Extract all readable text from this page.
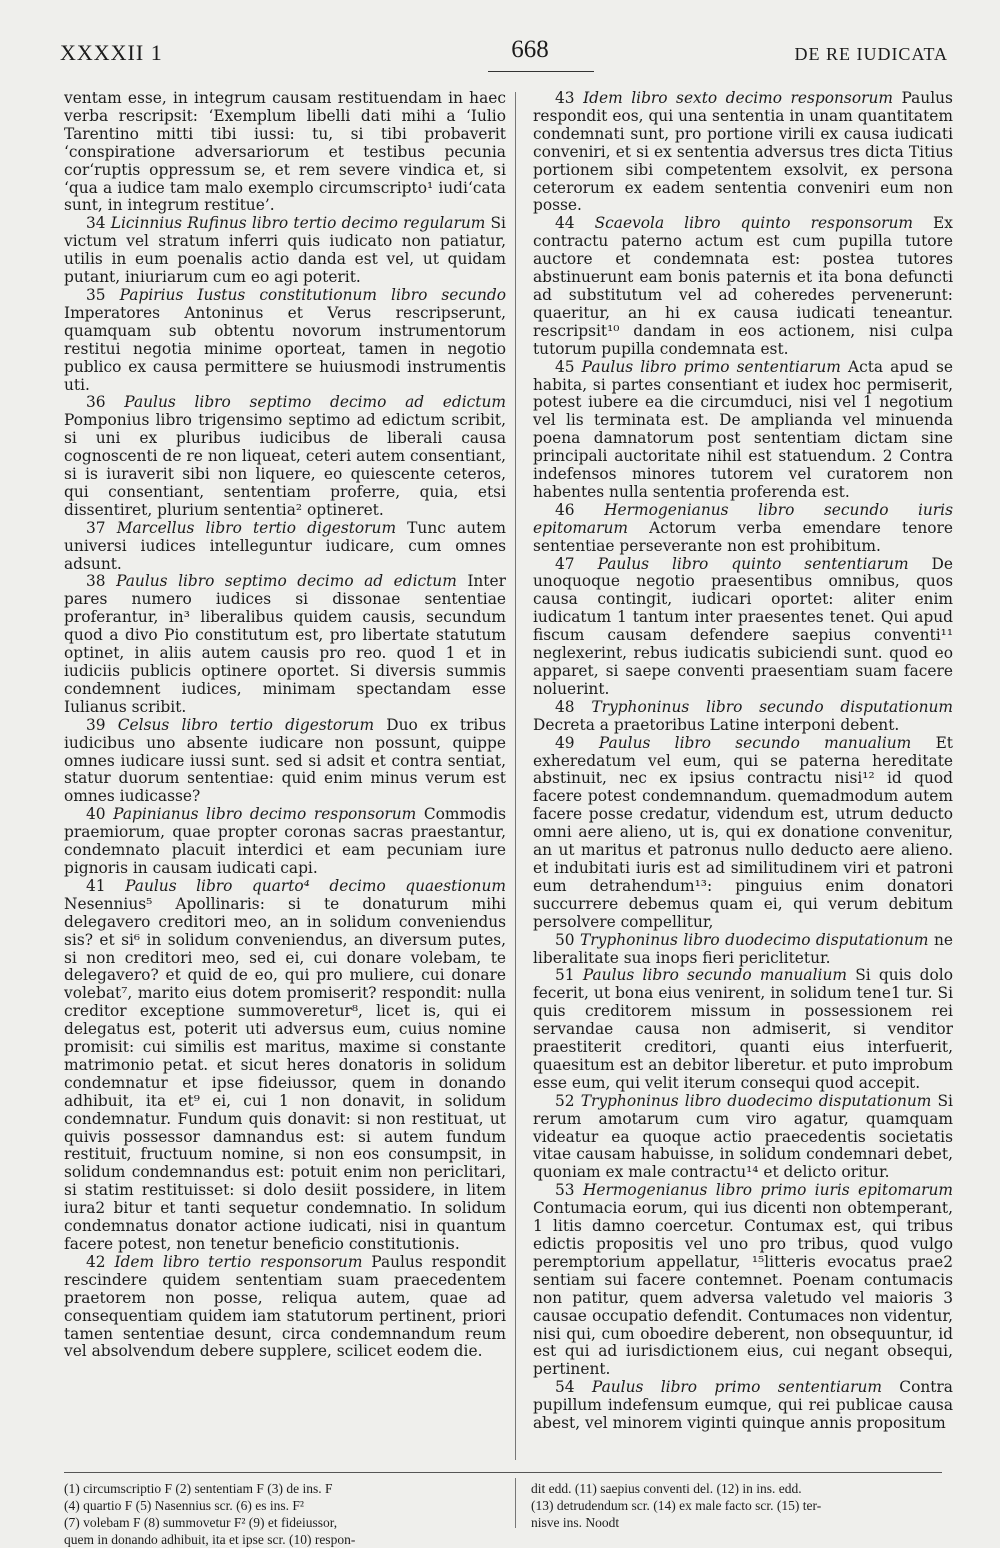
XXXXII 1	668	DE RE IUDICATA

ventam esse, in integrum causam restituendam in haec verba rescripsit: ‘Exemplum libelli dati mihi a ‘Iulio Tarentino mitti tibi iussi: tu, si tibi probaverit ‘conspiratione adversariorum et testibus pecunia cor‘ruptis oppressum se, et rem severe vindica et, si ‘qua a iudice tam malo exemplo circumscripto¹ iudi‘cata sunt, in integrum restitue’.

34 Licinnius Rufinus libro tertio decimo regularum Si victum vel stratum inferri quis iudicato non patiatur, utilis in eum poenalis actio danda est vel, ut quidam putant, iniuriarum cum eo agi poterit.

35 Papirius Iustus constitutionum libro secundo Imperatores Antoninus et Verus rescripserunt, quamquam sub obtentu novorum instrumentorum restitui negotia minime oporteat, tamen in negotio publico ex causa permittere se huiusmodi instrumentis uti.

36 Paulus libro septimo decimo ad edictum Pomponius libro trigensimo septimo ad edictum scribit, si uni ex pluribus iudicibus de liberali causa cognoscenti de re non liqueat, ceteri autem consentiant, si is iuraverit sibi non liquere, eo quiescente ceteros, qui consentiant, sententiam proferre, quia, etsi dissentiret, plurium sententia² optineret.

37 Marcellus libro tertio digestorum Tunc autem universi iudices intelleguntur iudicare, cum omnes adsunt.

38 Paulus libro septimo decimo ad edictum Inter pares numero iudices si dissonae sententiae proferantur, in³ liberalibus quidem causis, secundum quod a divo Pio constitutum est, pro libertate statutum optinet, in aliis autem causis pro reo. quod 1 et in iudiciis publicis optinere oportet. Si diversis summis condemnent iudices, minimam spectandam esse Iulianus scribit.

39 Celsus libro tertio digestorum Duo ex tribus iudicibus uno absente iudicare non possunt, quippe omnes iudicare iussi sunt. sed si adsit et contra sentiat, statur duorum sententiae: quid enim minus verum est omnes iudicasse?

40 Papinianus libro decimo responsorum Commodis praemiorum, quae propter coronas sacras praestantur, condemnato placuit interdici et eam pecuniam iure pignoris in causam iudicati capi.

41 Paulus libro quarto⁴ decimo quaestionum Nesennius⁵ Apollinaris: si te donaturum mihi delegavero creditori meo, an in solidum conveniendus sis? et si⁶ in solidum conveniendus, an diversum putes, si non creditori meo, sed ei, cui donare volebam, te delegavero? et quid de eo, qui pro muliere, cui donare volebat⁷, marito eius dotem promiserit? respondit: nulla creditor exceptione summoveretur⁸, licet is, qui ei delegatus est, poterit uti adversus eum, cuius nomine promisit: cui similis est maritus, maxime si constante matrimonio petat. et sicut heres donatoris in solidum condemnatur et ipse fideiussor, quem in donando adhibuit, ita et⁹ ei, cui 1 non donavit, in solidum condemnatur. Fundum quis donavit: si non restituat, ut quivis possessor damnandus est: si autem fundum restituit, fructuum nomine, si non eos consumpsit, in solidum condemnandus est: potuit enim non periclitari, si statim restituisset: si dolo desiit possidere, in litem iura2 bitur et tanti sequetur condemnatio. In solidum condemnatus donator actione iudicati, nisi in quantum facere potest, non tenetur beneficio constitutionis.

42 Idem libro tertio responsorum Paulus respondit rescindere quidem sententiam suam praecedentem praetorem non posse, reliqua autem, quae ad consequentiam quidem iam statutorum pertinent, priori tamen sententiae desunt, circa condemnandum reum vel absolvendum debere supplere, scilicet eodem die.

43 Idem libro sexto decimo responsorum Paulus respondit eos, qui una sententia in unam quantitatem condemnati sunt, pro portione virili ex causa iudicati conveniri, et si ex sententia adversus tres dicta Titius portionem sibi competentem exsolvit, ex persona ceterorum ex eadem sententia conveniri eum non posse.

44 Scaevola libro quinto responsorum Ex contractu paterno actum est cum pupilla tutore auctore et condemnata est: postea tutores abstinuerunt eam bonis paternis et ita bona defuncti ad substitutum vel ad coheredes pervenerunt: quaeritur, an hi ex causa iudicati teneantur. rescripsit¹⁰ dandam in eos actionem, nisi culpa tutorum pupilla condemnata est.

45 Paulus libro primo sententiarum Acta apud se habita, si partes consentiant et iudex hoc permiserit, potest iubere ea die circumduci, nisi vel 1 negotium vel lis terminata est. De amplianda vel minuenda poena damnatorum post sententiam dictam sine principali auctoritate nihil est statuendum. 2 Contra indefensos minores tutorem vel curatorem non habentes nulla sententia proferenda est.

46 Hermogenianus libro secundo iuris epitomarum Actorum verba emendare tenore sententiae perseverante non est prohibitum.

47 Paulus libro quinto sententiarum De unoquoque negotio praesentibus omnibus, quos causa contingit, iudicari oportet: aliter enim iudicatum 1 tantum inter praesentes tenet. Qui apud fiscum causam defendere saepius conventi¹¹ neglexerint, rebus iudicatis subiciendi sunt. quod eo apparet, si saepe conventi praesentiam suam facere noluerint.

48 Tryphoninus libro secundo disputationum Decreta a praetoribus Latine interponi debent.

49 Paulus libro secundo manualium Et exheredatum vel eum, qui se paterna hereditate abstinuit, nec ex ipsius contractu nisi¹² id quod facere potest condemnandum. quemadmodum autem facere posse credatur, videndum est, utrum deducto omni aere alieno, ut is, qui ex donatione convenitur, an ut maritus et patronus nullo deducto aere alieno. et indubitati iuris est ad similitudinem viri et patroni eum detrahendum¹³: pinguius enim donatori succurrere debemus quam ei, qui verum debitum persolvere compellitur,

50 Tryphoninus libro duodecimo disputationum ne liberalitate sua inops fieri periclitetur.

51 Paulus libro secundo manualium Si quis dolo fecerit, ut bona eius venirent, in solidum tene1 tur. Si quis creditorem missum in possessionem rei servandae causa non admiserit, si venditor praestiterit creditori, quanti eius interfuerit, quaesitum est an debitor liberetur. et puto improbum esse eum, qui velit iterum consequi quod accepit.

52 Tryphoninus libro duodecimo disputationum Si rerum amotarum cum viro agatur, quamquam videatur ea quoque actio praecedentis societatis vitae causam habuisse, in solidum condemnari debet, quoniam ex male contractu¹⁴ et delicto oritur.

53 Hermogenianus libro primo iuris epitomarum Contumacia eorum, qui ius dicenti non obtemperant, 1 litis damno coercetur. Contumax est, qui tribus edictis propositis vel uno pro tribus, quod vulgo peremptorium appellatur, ¹⁵litteris evocatus prae2 sentiam sui facere contemnet. Poenam contumacis non patitur, quem adversa valetudo vel maioris 3 causae occupatio defendit. Contumaces non videntur, nisi qui, cum oboedire deberent, non obsequuntur, id est qui ad iurisdictionem eius, cui negant obsequi, pertinent.

54 Paulus libro primo sententiarum Contra pupillum indefensum eumque, qui rei publicae causa abest, vel minorem viginti quinque annis propositum

(1) circumscriptio F (2) sententiam F (3) de ins. F

(4) quartio F (5) Nasennius scr. (6) es ins. F²

(7) volebam F (8) summovetur F² (9) et fideiussor,

quem in donando adhibuit, ita et ipse scr. (10) respon-

dit edd. (11) saepius conventi del. (12) in ins. edd.

(13) detrudendum scr. (14) ex male facto scr. (15) ter-

nisve ins. Noodt
